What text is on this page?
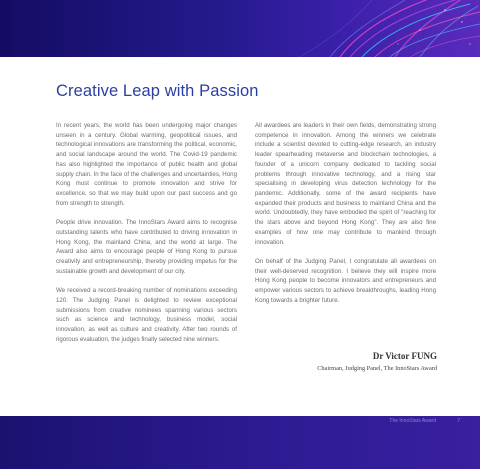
Creative Leap with Passion

In recent years, the world has been undergoing major changes unseen in a century. Global warming, geopolitical issues, and technological innovations are transforming the political, economic, and social landscape around the world. The Covid-19 pandemic has also highlighted the importance of public health and global supply chain. In the face of the challenges and uncertainties, Hong Kong must continue to promote innovation and strive for excellence, so that we may build upon our past success and go from strength to strength.

People drive innovation. The InnoStars Award aims to recognise outstanding talents who have contributed to driving innovation in Hong Kong, the mainland China, and the world at large. The Award also aims to encourage people of Hong Kong to pursue creativity and entrepreneurship, thereby providing impetus for the sustainable growth and development of our city.

We received a record-breaking number of nominations exceeding 120. The Judging Panel is delighted to review exceptional submissions from creative nominees spanning various sectors such as science and technology, business model, social innovation, as well as culture and creativity. After two rounds of rigorous evaluation, the judges finally selected nine winners.

All awardees are leaders in their own fields, demonstrating strong competence in innovation. Among the winners we celebrate include a scientist devoted to cutting-edge research, an industry leader spearheading metaverse and blockchain technologies, a founder of a unicorn company dedicated to tackling social problems through innovative technology, and a rising star specialising in developing virus detection technology for the pandemic. Additionally, some of the award recipients have expanded their products and business to mainland China and the world. Undoubtedly, they have embodied the spirit of "reaching for the stars above and beyond Hong Kong". They are also fine examples of how one may contribute to mankind through innovation.

On behalf of the Judging Panel, I congratulate all awardees on their well-deserved recognition. I believe they will inspire more Hong Kong people to become innovators and entrepreneurs and empower various sectors to achieve breakthroughs, leading Hong Kong towards a brighter future.

Dr Victor FUNG
Chairman, Judging Panel, The InnoStars Award
The InnoStars Award	7
